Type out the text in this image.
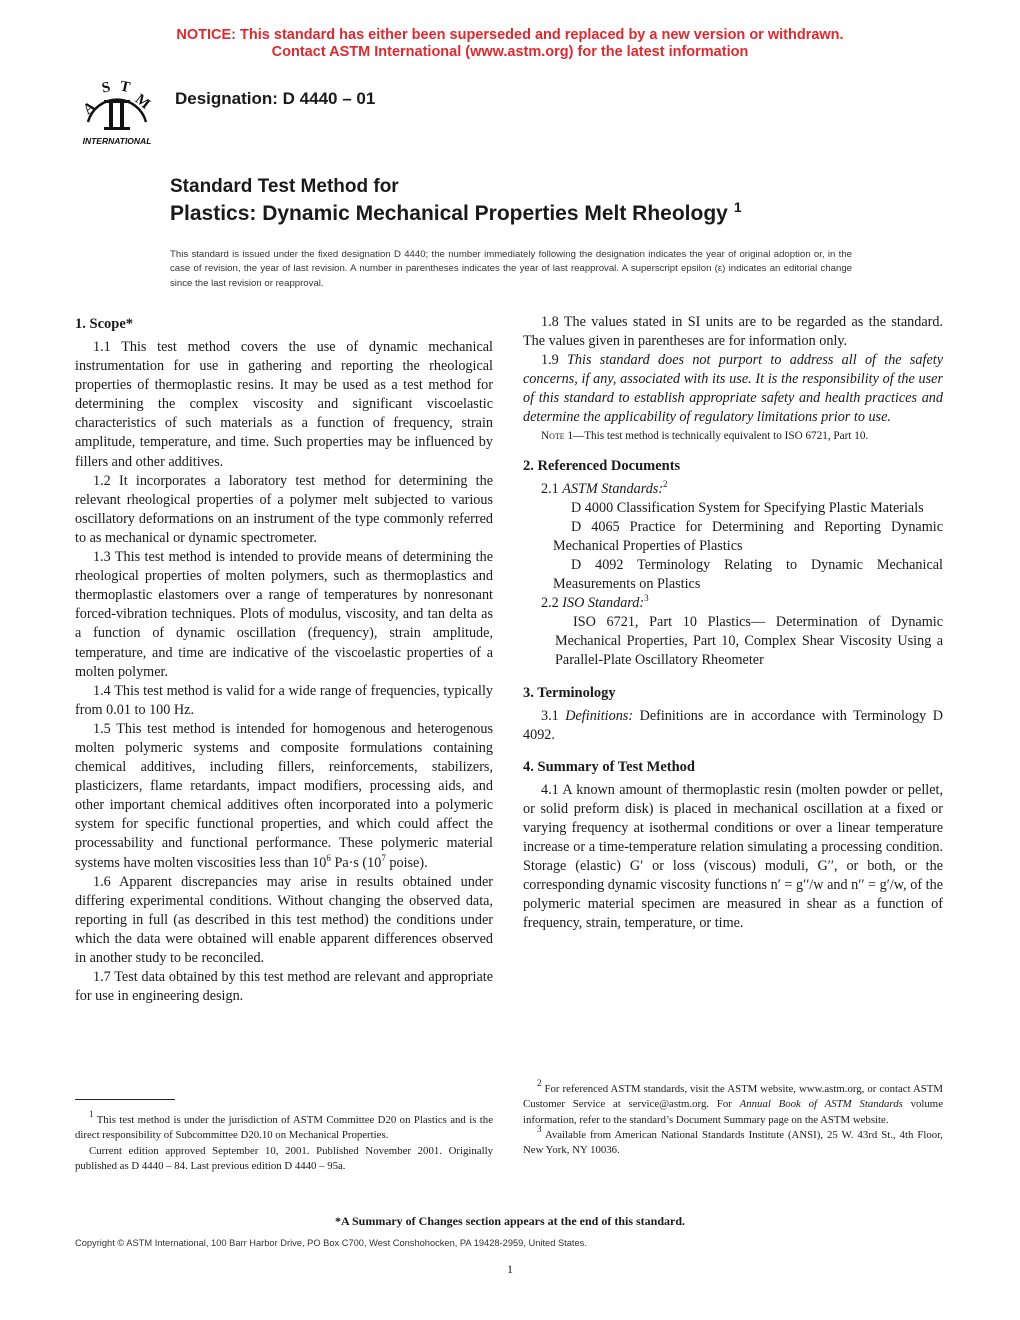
NOTICE: This standard has either been superseded and replaced by a new version or withdrawn.
Contact ASTM International (www.astm.org) for the latest information
A
S T
M
INTERNATIONAL
Designation: D 4440 – 01
Standard Test Method for
Plastics: Dynamic Mechanical Properties Melt Rheology $^1$
This standard is issued under the fixed designation D 4440; the number immediately following the designation indicates the year of original adoption or, in the case of revision, the year of last revision. A number in parentheses indicates the year of last reapproval. A superscript epsilon (ε) indicates an editorial change since the last revision or reapproval.
1. Scope*

1.1 This test method covers the use of dynamic mechanical instrumentation for use in gathering and reporting the rheological properties of thermoplastic resins. It may be used as a test method for determining the complex viscosity and significant viscoelastic characteristics of such materials as a function of frequency, strain amplitude, temperature, and time. Such properties may be influenced by fillers and other additives.

1.2 It incorporates a laboratory test method for determining the relevant rheological properties of a polymer melt subjected to various oscillatory deformations on an instrument of the type commonly referred to as mechanical or dynamic spectrometer.

1.3 This test method is intended to provide means of determining the rheological properties of molten polymers, such as thermoplastics and thermoplastic elastomers over a range of temperatures by nonresonant forced-vibration techniques. Plots of modulus, viscosity, and tan delta as a function of dynamic oscillation (frequency), strain amplitude, temperature, and time are indicative of the viscoelastic properties of a molten polymer.

1.4 This test method is valid for a wide range of frequencies, typically from 0.01 to 100 Hz.

1.5 This test method is intended for homogenous and heterogenous molten polymeric systems and composite formulations containing chemical additives, including fillers, reinforcements, stabilizers, plasticizers, flame retardants, impact modifiers, processing aids, and other important chemical additives often incorporated into a polymeric system for specific functional properties, and which could affect the processability and functional performance. These polymeric material systems have molten viscosities less than $10^6$ Pa·s ($10^7$ poise).

1.6 Apparent discrepancies may arise in results obtained under differing experimental conditions. Without changing the observed data, reporting in full (as described in this test method) the conditions under which the data were obtained will enable apparent differences observed in another study to be reconciled.

1.7 Test data obtained by this test method are relevant and appropriate for use in engineering design.

1.8 The values stated in SI units are to be regarded as the standard. The values given in parentheses are for information only.

1.9 This standard does not purport to address all of the safety concerns, if any, associated with its use. It is the responsibility of the user of this standard to establish appropriate safety and health practices and determine the applicability of regulatory limitations prior to use.

Note 1—This test method is technically equivalent to ISO 6721, Part 10.

2. Referenced Documents

2.1 ASTM Standards:$^2$

D 4000 Classification System for Specifying Plastic Materials

D 4065 Practice for Determining and Reporting Dynamic Mechanical Properties of Plastics

D 4092 Terminology Relating to Dynamic Mechanical Measurements on Plastics

2.2 ISO Standard:$^3$

ISO 6721, Part 10 Plastics— Determination of Dynamic Mechanical Properties, Part 10, Complex Shear Viscosity Using a Parallel-Plate Oscillatory Rheometer

3. Terminology

3.1 Definitions: Definitions are in accordance with Terminology D 4092.

4. Summary of Test Method

4.1 A known amount of thermoplastic resin (molten powder or pellet, or solid preform disk) is placed in mechanical oscillation at a fixed or varying frequency at isothermal conditions or over a linear temperature increase or a time-temperature relation simulating a processing condition. Storage (elastic) G′ or loss (viscous) moduli, G′′, or both, or the corresponding dynamic viscosity functions n′ = g′′/w and n′′ = g′/w, of the polymeric material specimen are measured in shear as a function of frequency, strain, temperature, or time.

$^1$ This test method is under the jurisdiction of ASTM Committee D20 on Plastics and is the direct responsibility of Subcommittee D20.10 on Mechanical Properties.

Current edition approved September 10, 2001. Published November 2001. Originally published as D 4440 – 84. Last previous edition D 4440 – 95a.

$^2$ For referenced ASTM standards, visit the ASTM website, www.astm.org, or contact ASTM Customer Service at service@astm.org. For Annual Book of ASTM Standards volume information, refer to the standard’s Document Summary page on the ASTM website.

$^3$ Available from American National Standards Institute (ANSI), 25 W. 43rd St., 4th Floor, New York, NY 10036.

*A Summary of Changes section appears at the end of this standard.
Copyright © ASTM International, 100 Barr Harbor Drive, PO Box C700, West Conshohocken, PA 19428-2959, United States.
1
